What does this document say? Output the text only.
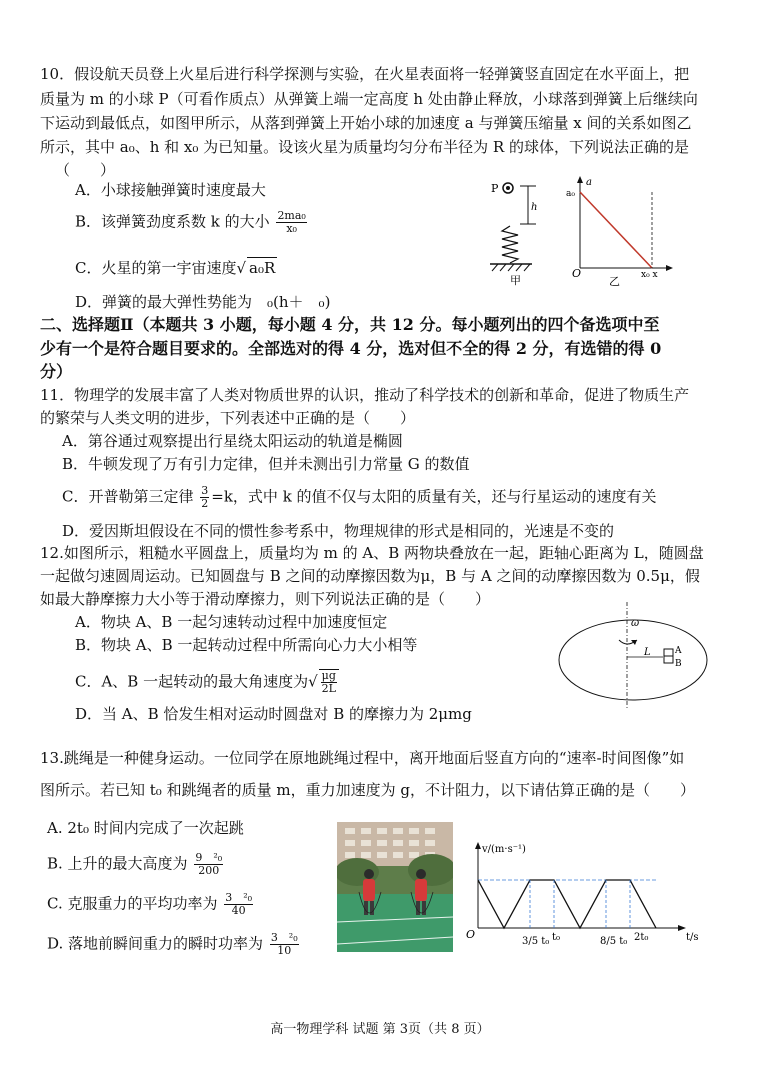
10．假设航天员登上火星后进行科学探测与实验，在火星表面将一轻弹簧竖直固定在水平面上，把
质量为 m 的小球 P（可看作质点）从弹簧上端一定高度 h 处由静止释放，小球落到弹簧上后继续向
下运动到最低点，如图甲所示，从落到弹簧上开始小球的加速度 a 与弹簧压缩量 x 间的关系如图乙
所示，其中 a₀、h 和 x₀ 为已知量。设该火星为质量均匀分布半径为 R 的球体，下列说法正确的是
（　　）
A．小球接触弹簧时速度最大
B．该弹簧劲度系数 k 的大小 $\frac{\text{2ma₀}}{\text{x₀}}$
C．火星的第一宇宙速度√ a₀R
D．弹簧的最大弹性势能为　₀(h＋　₀)
P
h
甲
a
a₀
O
乙 x₀ x
二、选择题Ⅱ（本题共 3 小题，每小题 4 分，共 12 分。每小题列出的四个备选项中至
少有一个是符合题目要求的。全部选对的得 4 分，选对但不全的得 2 分，有选错的得 0
分）
11．物理学的发展丰富了人类对物质世界的认识，推动了科学技术的创新和革命，促进了物质生产
的繁荣与人类文明的进步，下列表述中正确的是（　　）
A．第谷通过观察提出行星绕太阳运动的轨道是椭圆
B．牛顿发现了万有引力定律，但并未测出引力常量 G 的数值
C．开普勒第三定律 $\frac{3}{2} =k$，式中 k 的值不仅与太阳的质量有关，还与行星运动的速度有关
D．爱因斯坦假设在不同的惯性参考系中，物理规律的形式是相同的，光速是不变的
12.如图所示，粗糙水平圆盘上，质量均为 m 的 A、B 两物块叠放在一起，距轴心距离为 L，随圆盘
一起做匀速圆周运动。已知圆盘与 B 之间的动摩擦因数为μ，B 与 A 之间的动摩擦因数为 0.5μ，假
如最大静摩擦力大小等于滑动摩擦力，则下列说法正确的是（　　）
A．物块 A、B 一起匀速转动过程中加速度恒定
B．物块 A、B 一起转动过程中所需向心力大小相等
C．A、B 一起转动的最大角速度为√ $\frac{\mu g}{2L}$
D．当 A、B 恰发生相对运动时圆盘对 B 的摩擦力为 2μmg
ω
L	A
B
13.跳绳是一种健身运动。一位同学在原地跳绳过程中，离开地面后竖直方向的“速率-时间图像”如
图所示。若已知 t₀ 和跳绳者的质量 m，重力加速度为 g，不计阻力，以下请估算正确的是（　　）
A. 2t₀ 时间内完成了一次起跳
B. 上升的最大高度为 $\frac{\text{9　²₀}}{200}$
C. 克服重力的平均功率为 $\frac{\text{3　²₀}}{40}$
D. 落地前瞬间重力的瞬时功率为 $\frac{\text{3　²₀}}{10}$
v/(m·s⁻¹)
t/s
O
3/5 t₀ t₀	8/5 t₀ 2t₀
高一物理学科 试题 第 3页（共 8 页）
